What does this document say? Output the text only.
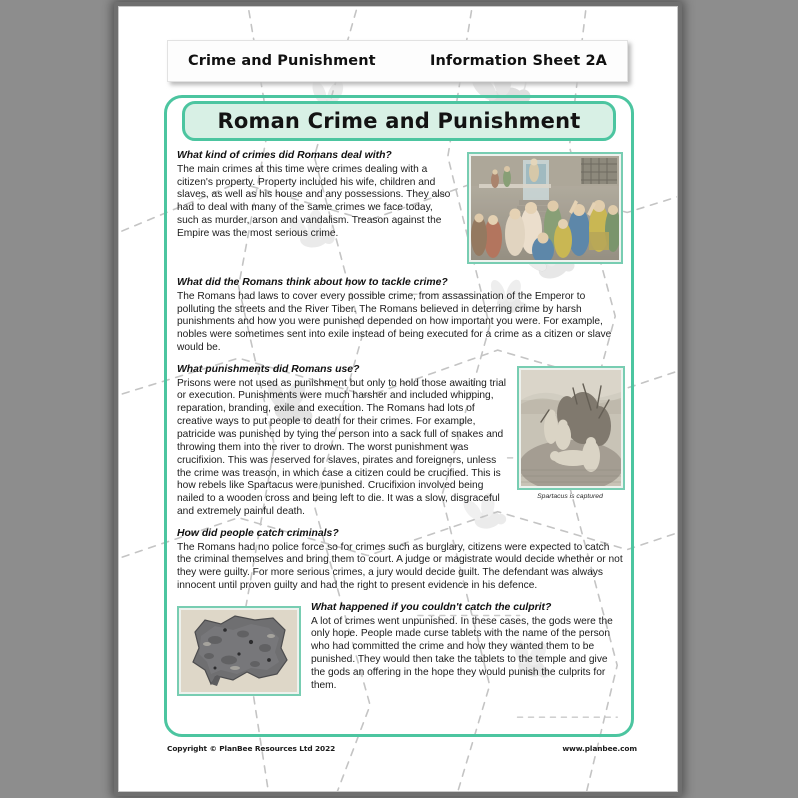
Crime and Punishment	Information Sheet 2A
Roman Crime and Punishment
What kind of crimes did Romans deal with?
The main crimes at this time were crimes dealing with a citizen's property. Property included his wife, children and slaves, as well as his house and any possessions. They also had to deal with many of the same crimes we face today, such as murder, arson and vandalism. Treason against the Empire was the most serious crime.
What did the Romans think about how to tackle crime?
The Romans had laws to cover every possible crime, from assassination of the Emperor to polluting the streets and the River Tiber. The Romans believed in deterring crime by harsh punishments and how you were punished depended on how important you were. For example, nobles were sometimes sent into exile instead of being executed for a crime as a citizen or slave would be.
Spartacus is captured
What punishments did Romans use?
Prisons were not used as punishment but only to hold those awaiting trial or execution. Punishments were much harsher and included whipping, reparation, branding, exile and execution. The Romans had lots of creative ways to put people to death for their crimes. For example, patricide was punished by tying the person into a sack full of snakes and throwing them into the river to drown. The worst punishment was crucifixion. This was reserved for slaves, pirates and foreigners, unless the crime was treason, in which case a citizen could be crucified. This is how rebels like Spartacus were punished. Crucifixion involved being nailed to a wooden cross and being left to die. It was a slow, disgraceful and extremely painful death.
How did people catch criminals?
The Romans had no police force so for crimes such as burglary, citizens were expected to catch the criminal themselves and bring them to court. A judge or magistrate would decide whether or not they were guilty. For more serious crimes, a jury would decide guilt. The defendant was always innocent until proven guilty and had the right to present evidence in his defence.
What happened if you couldn't catch the culprit?
A lot of crimes went unpunished. In these cases, the gods were the only hope. People made curse tablets with the name of the person who had committed the crime and how they wanted them to be punished. They would then take the tablets to the temple and give the gods an offering in the hope they would punish the culprits for them.
Copyright © PlanBee Resources Ltd 2022	www.planbee.com
